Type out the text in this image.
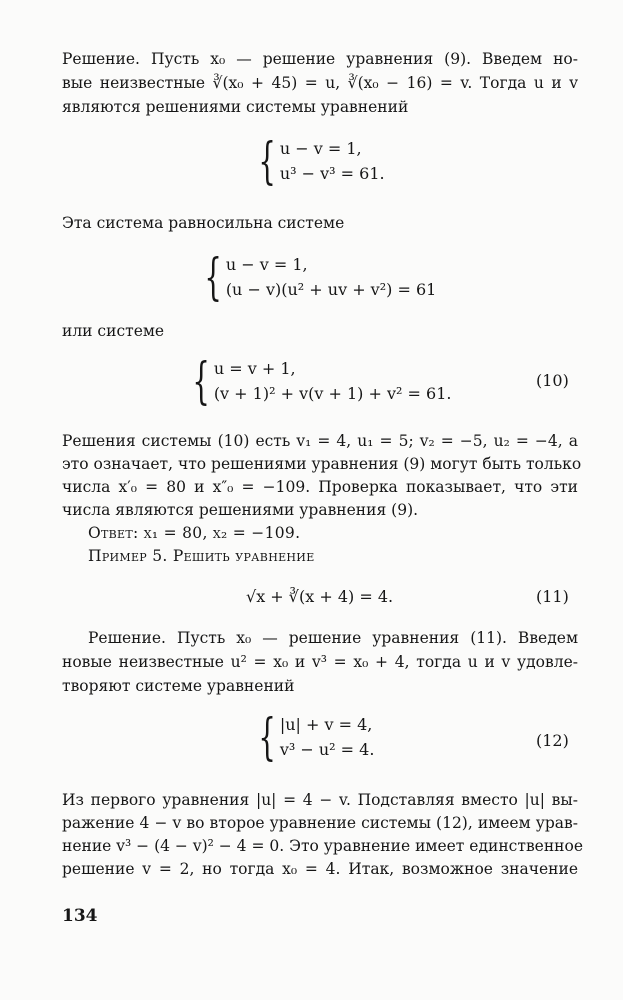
Решение. Пусть x₀ — решение уравнения (9). Введем но-
вые неизвестные ∛(x₀ + 45) = u, ∛(x₀ − 16) = v. Тогда u и v
являются решениями системы уравнений
{ u − v = 1,
u³ − v³ = 61.
Эта система равносильна системе
{ u − v = 1,
(u − v)(u² + uv + v²) = 61
или системе
{ u = v + 1,
(v + 1)² + v(v + 1) + v² = 61.
(10)
Решения системы (10) есть v₁ = 4, u₁ = 5; v₂ = −5, u₂ = −4, а
это означает, что решениями уравнения (9) могут быть только
числа x′₀ = 80 и x″₀ = −109. Проверка показывает, что эти
числа являются решениями уравнения (9).
Ответ: x₁ = 80, x₂ = −109.
Пример 5. Решить уравнение
√x + ∛(x + 4) = 4.	(11)
Решение. Пусть x₀ — решение уравнения (11). Введем
новые неизвестные u² = x₀ и v³ = x₀ + 4, тогда u и v удовле-
творяют системе уравнений
{ |u| + v = 4,
v³ − u² = 4.	(12)
Из первого уравнения |u| = 4 − v. Подставляя вместо |u| вы-
ражение 4 − v во второе уравнение системы (12), имеем урав-
нение v³ − (4 − v)² − 4 = 0. Это уравнение имеет единственное
решение v = 2, но тогда x₀ = 4. Итак, возможное значение
134
